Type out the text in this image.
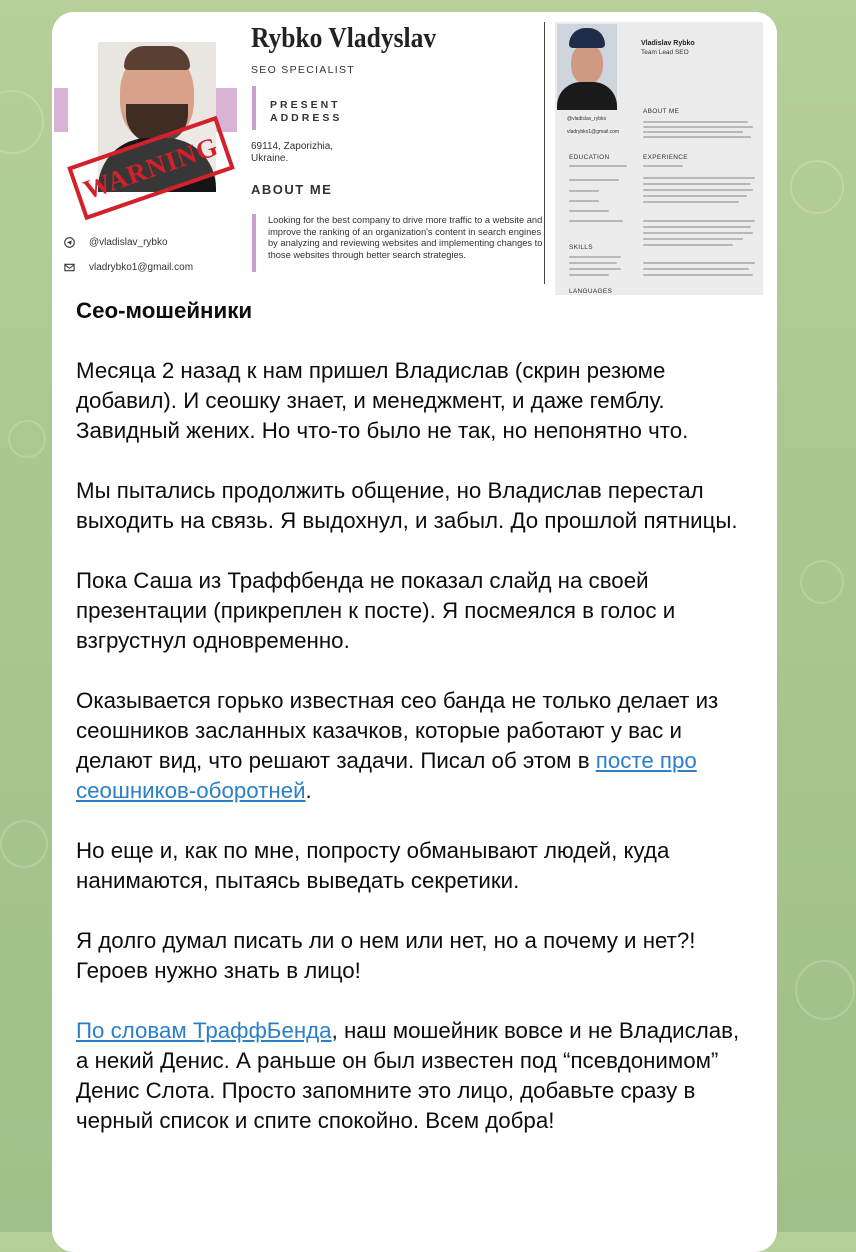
WARNING
Rybko Vladyslav
SEO SPECIALIST
PRESENT
ADDRESS
69114, Zaporizhia, Ukraine.
ABOUT ME
Looking for the best company to drive more traffic to a website and improve the ranking of an organization's content in search engines by analyzing and reviewing websites and implementing changes to those websites through better search strategies.
@vladislav_rybko
vladrybko1@gmail.com
Vladislav Rybko
Team Lead SEO
@vladislav_rybko
vladrybko1@gmail.com
ABOUT ME
EDUCATION	EXPERIENCE
SKILLS
LANGUAGES

Сео-мошейники

Месяца 2 назад к нам пришел Владислав (скрин резюме добавил). И сеошку знает, и менеджмент, и даже гемблу. Завидный жених. Но что-то было не так, но непонятно что.

Мы пытались продолжить общение, но Владислав перестал выходить на связь. Я выдохнул, и забыл. До прошлой пятницы.

Пока Саша из Траффбенда не показал слайд на своей презентации (прикреплен к посте). Я посмеялся в голос и взгрустнул одновременно.

Оказывается горько известная сео банда не только делает из сеошников засланных казачков, которые работают у вас и делают вид, что решают задачи. Писал об этом в посте про сеошников-оборотней.

Но еще и, как по мне, попросту обманывают людей, куда нанимаются, пытаясь выведать секретики.

Я долго думал писать ли о нем или нет, но а почему и нет?! Героев нужно знать в лицо!

По словам ТраффБенда, наш мошейник вовсе и не Владислав, а некий Денис. А раньше он был известен под “псевдонимом” Денис Слота. Просто запомните это лицо, добавьте сразу в черный список и спите спокойно. Всем добра!
